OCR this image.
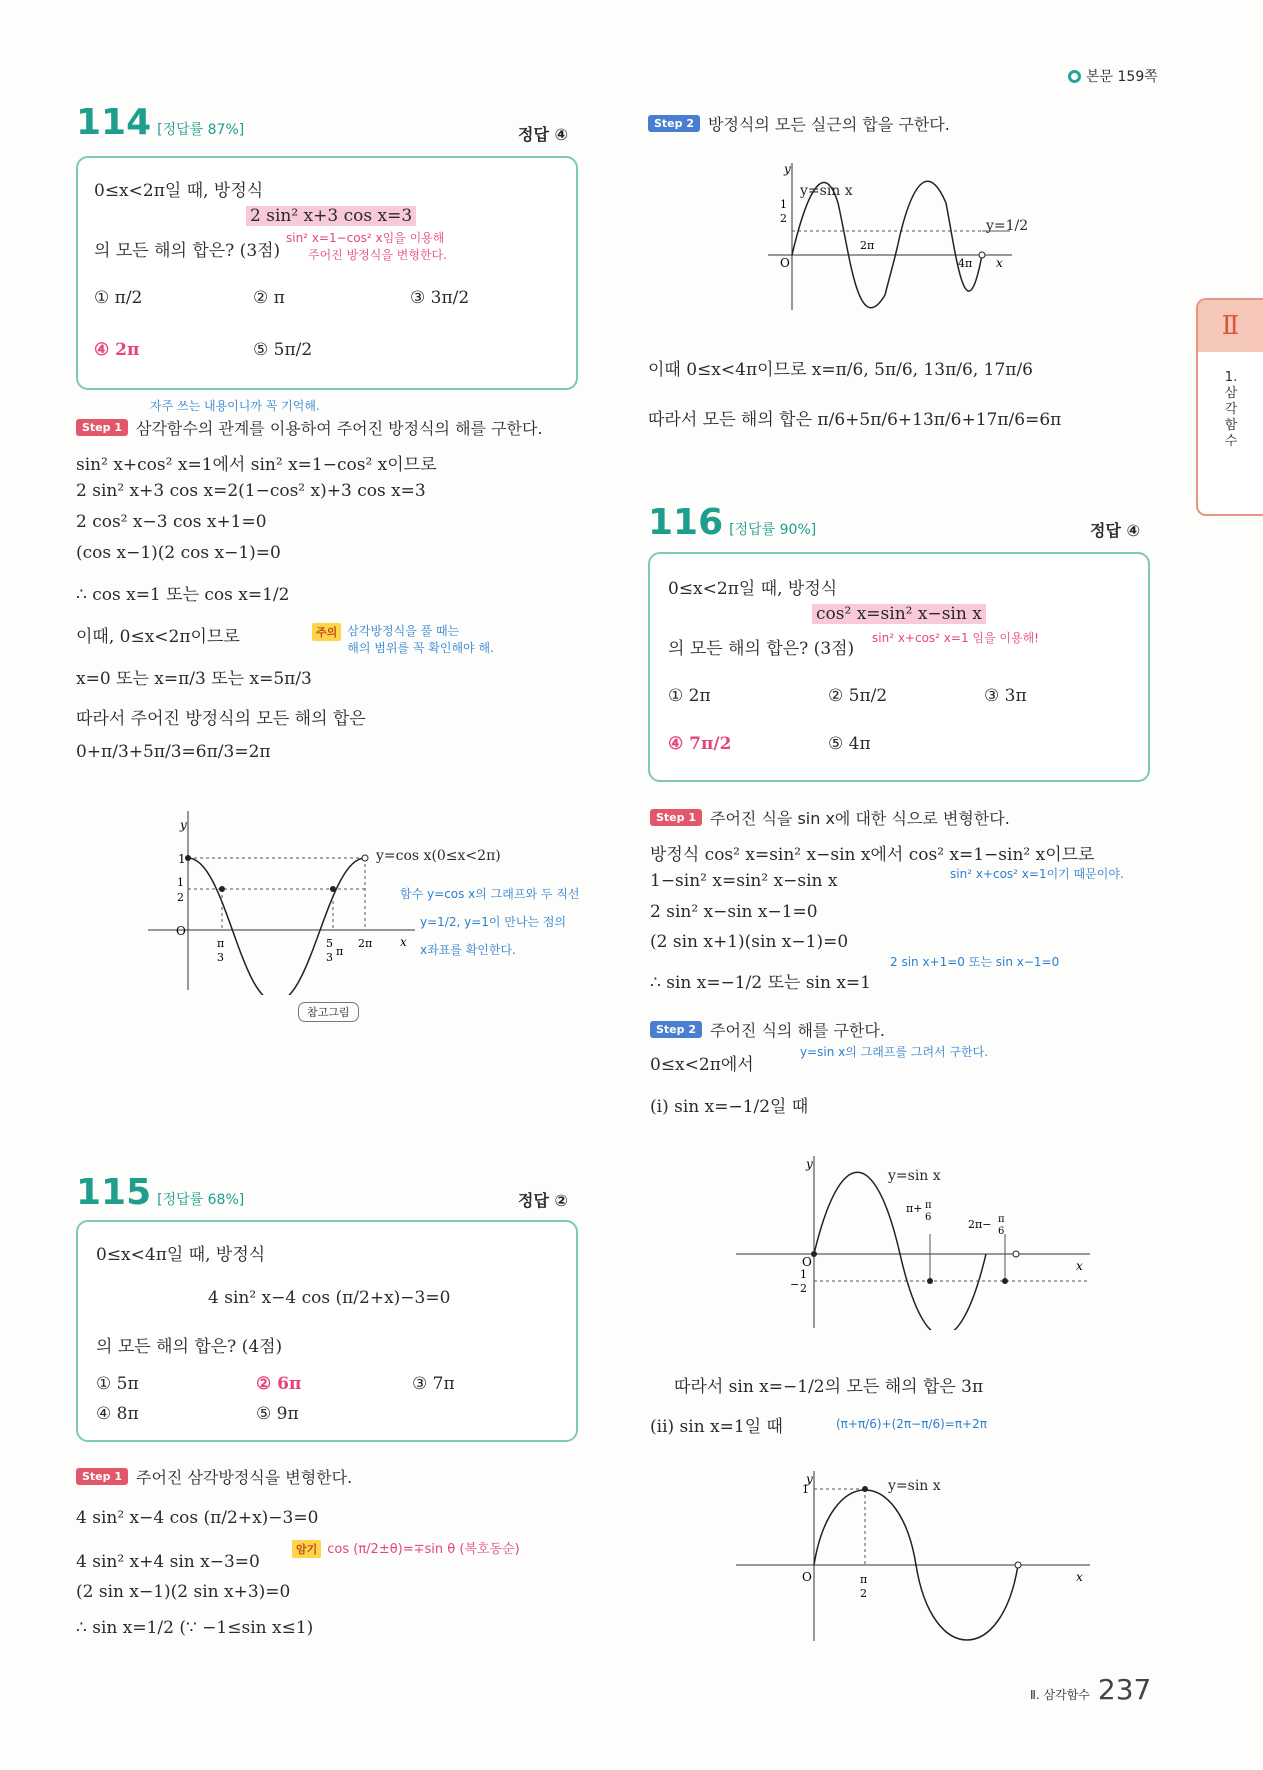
본문 159쪽
Ⅱ
1. 삼각함수
114 [정답률 87%]	정답 ④
0≤x<2π일 때, 방정식
2 sin² x+3 cos x=3
sin² x=1−cos² x임을 이용해
주어진 방정식을 변형한다.
의 모든 해의 합은? (3점)
① π/2	② π	③ 3π/2
④ 2π	⑤ 5π/2
자주 쓰는 내용이니까 꼭 기억해.
Step 1 삼각함수의 관계를 이용하여 주어진 방정식의 해를 구한다.
sin² x+cos² x=1에서 sin² x=1−cos² x이므로
2 sin² x+3 cos x=2(1−cos² x)+3 cos x=3
2 cos² x−3 cos x+1=0
(cos x−1)(2 cos x−1)=0
∴ cos x=1 또는 cos x=1/2
이때, 0≤x<2π이므로	주의 삼각방정식을 풀 때는
해의 범위를 꼭 확인해야 해.
x=0 또는 x=π/3 또는 x=5π/3
따라서 주어진 방정식의 모든 해의 합은
0+π/3+5π/3=6π/3=2π
y
O
x
1
1
2
π
3
5
3 π
2π
y=cos x(0≤x<2π)
함수 y=cos x의 그래프와 두 직선
y=1/2, y=1이 만나는 점의
x좌표를 확인한다.
참고그림
115 [정답률 68%]	정답 ②
0≤x<4π일 때, 방정식
4 sin² x−4 cos (π/2+x)−3=0
의 모든 해의 합은? (4점)
① 5π	② 6π	③ 7π
④ 8π	⑤ 9π
Step 1 주어진 삼각방정식을 변형한다.
4 sin² x−4 cos (π/2+x)−3=0
암기 cos (π/2±θ)=∓sin θ (복호동순)
4 sin² x+4 sin x−3=0
(2 sin x−1)(2 sin x+3)=0
∴ sin x=1/2 (∵ −1≤sin x≤1)
Step 2 방정식의 모든 실근의 합을 구한다.
y
O	x
1
2
4π
2π
y=sin x
y=1/2
이때 0≤x<4π이므로 x=π/6, 5π/6, 13π/6, 17π/6
따라서 모든 해의 합은 π/6+5π/6+13π/6+17π/6=6π
116 [정답률 90%]	정답 ④
0≤x<2π일 때, 방정식
cos² x=sin² x−sin x
sin² x+cos² x=1 임을 이용해!
의 모든 해의 합은? (3점)
① 2π	② 5π/2	③ 3π
④ 7π/2	⑤ 4π
Step 1 주어진 식을 sin x에 대한 식으로 변형한다.
방정식 cos² x=sin² x−sin x에서 cos² x=1−sin² x이므로
sin² x+cos² x=1이기 때문이야.
1−sin² x=sin² x−sin x
2 sin² x−sin x−1=0
(2 sin x+1)(sin x−1)=0
2 sin x+1=0 또는 sin x−1=0
∴ sin x=−1/2 또는 sin x=1
Step 2 주어진 식의 해를 구한다.
y=sin x의 그래프를 그려서 구한다.
0≤x<2π에서
(i) sin x=−1/2일 때
y
O	x
1
− 2
π+ π
6
2π− π
6
y=sin x
따라서 sin x=−1/2의 모든 해의 합은 3π
(π+π/6)+(2π−π/6)=π+2π
(ii) sin x=1일 때
y
O	x
1
π
2
y=sin x
Ⅱ. 삼각함수 237
